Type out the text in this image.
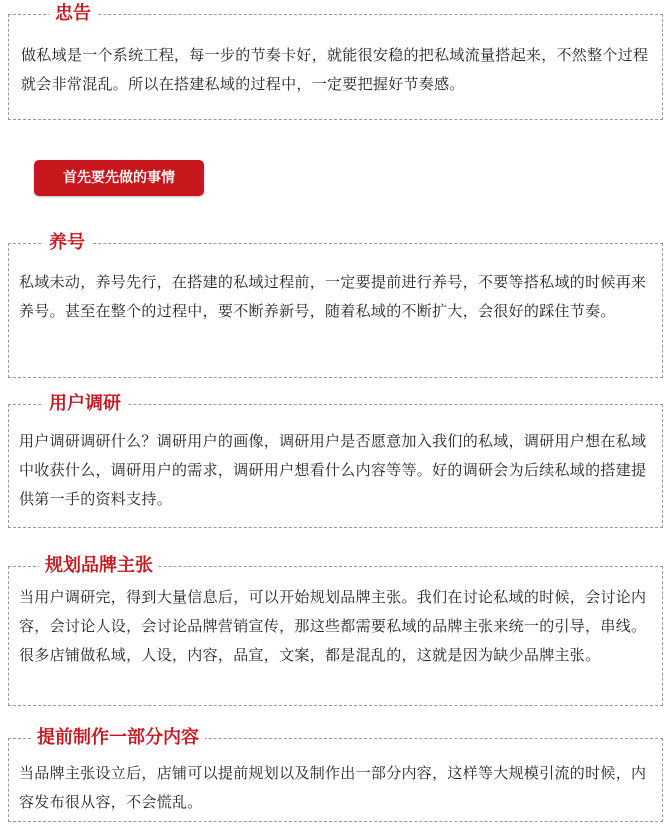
忠告

做私域是一个系统工程，每一步的节奏卡好，就能很安稳的把私域流量搭起来，不然整个过程就会非常混乱。所以在搭建私域的过程中，一定要把握好节奏感。

首先要先做的事情
养号

私域未动，养号先行，在搭建的私域过程前，一定要提前进行养号，不要等搭私域的时候再来养号。甚至在整个的过程中，要不断养新号，随着私域的不断扩大，会很好的踩住节奏。

用户调研

用户调研调研什么？调研用户的画像，调研用户是否愿意加入我们的私域，调研用户想在私域中收获什么，调研用户的需求，调研用户想看什么内容等等。好的调研会为后续私域的搭建提供第一手的资料支持。

规划品牌主张

当用户调研完，得到大量信息后，可以开始规划品牌主张。我们在讨论私域的时候，会讨论内容，会讨论人设，会讨论品牌营销宣传，那这些都需要私域的品牌主张来统一的引导，串线。很多店铺做私域，人设，内容，品宣，文案，都是混乱的，这就是因为缺少品牌主张。

提前制作一部分内容

当品牌主张设立后，店铺可以提前规划以及制作出一部分内容，这样等大规模引流的时候，内容发布很从容，不会慌乱。
